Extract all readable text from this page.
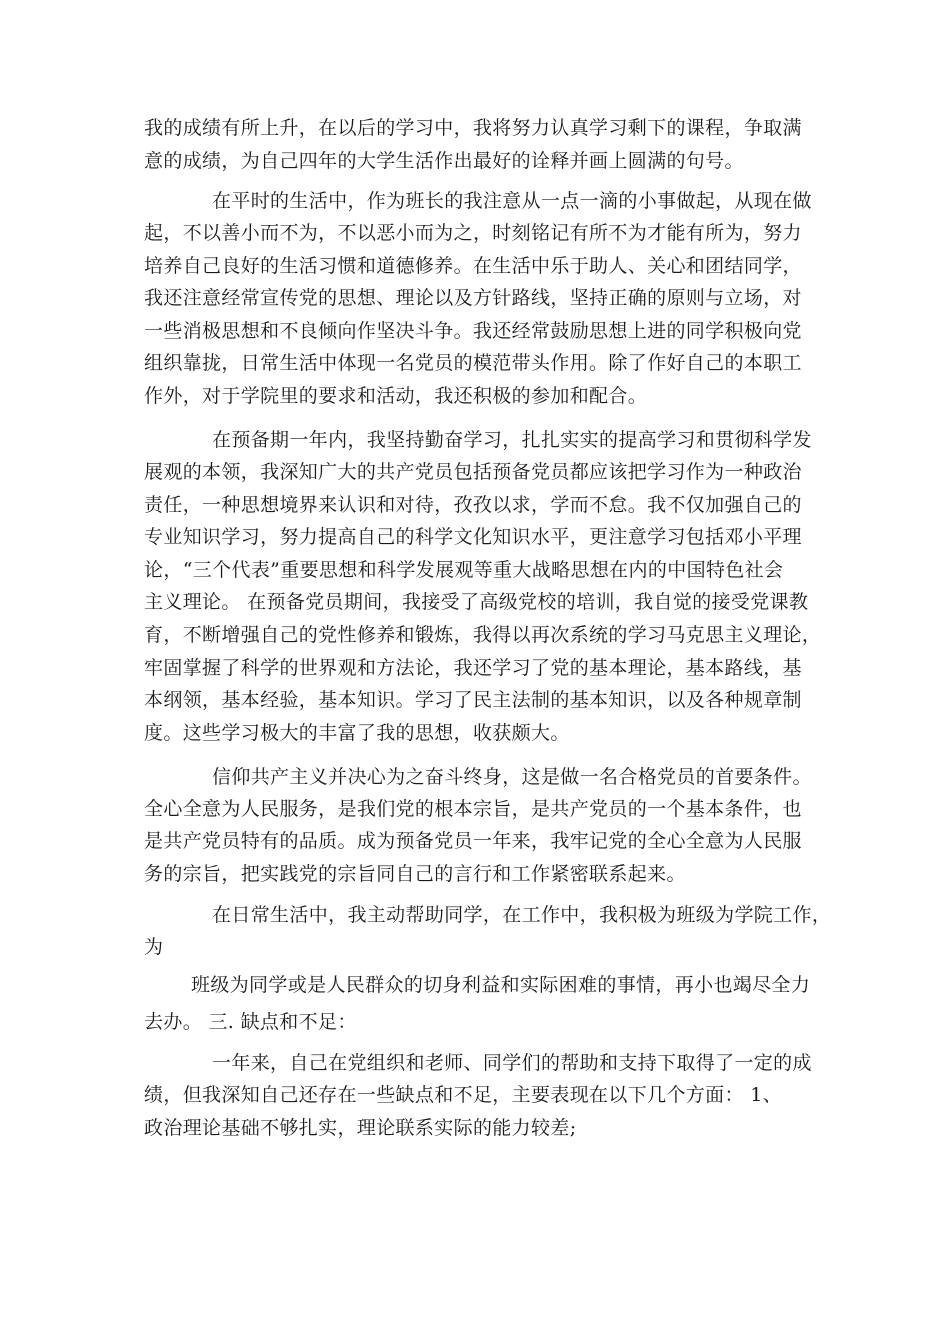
我的成绩有所上升，在以后的学习中，我将努力认真学习剩下的课程，争取满
意的成绩，为自己四年的大学生活作出最好的诠释并画上圆满的句号。
在平时的生活中，作为班长的我注意从一点一滴的小事做起，从现在做
起，不以善小而不为，不以恶小而为之，时刻铭记有所不为才能有所为，努力
培养自己良好的生活习惯和道德修养。在生活中乐于助人、关心和团结同学，
我还注意经常宣传党的思想、理论以及方针路线，坚持正确的原则与立场，对
一些消极思想和不良倾向作坚决斗争。我还经常鼓励思想上进的同学积极向党
组织靠拢，日常生活中体现一名党员的模范带头作用。除了作好自己的本职工
作外，对于学院里的要求和活动，我还积极的参加和配合。
在预备期一年内，我坚持勤奋学习，扎扎实实的提高学习和贯彻科学发
展观的本领，我深知广大的共产党员包括预备党员都应该把学习作为一种政治
责任，一种思想境界来认识和对待，孜孜以求，学而不怠。我不仅加强自己的
专业知识学习，努力提高自己的科学文化知识水平，更注意学习包括邓小平理
论，“三个代表”重要思想和科学发展观等重大战略思想在内的中国特色社会
主义理论。 在预备党员期间，我接受了高级党校的培训，我自觉的接受党课教
育，不断增强自己的党性修养和锻炼，我得以再次系统的学习马克思主义理论，
牢固掌握了科学的世界观和方法论，我还学习了党的基本理论，基本路线，基
本纲领，基本经验，基本知识。学习了民主法制的基本知识，以及各种规章制
度。这些学习极大的丰富了我的思想，收获颇大。
信仰共产主义并决心为之奋斗终身，这是做一名合格党员的首要条件。
全心全意为人民服务，是我们党的根本宗旨，是共产党员的一个基本条件，也
是共产党员特有的品质。成为预备党员一年来，我牢记党的全心全意为人民服
务的宗旨，把实践党的宗旨同自己的言行和工作紧密联系起来。
在日常生活中，我主动帮助同学，在工作中，我积极为班级为学院工作，
为
班级为同学或是人民群众的切身利益和实际困难的事情，再小也竭尽全力
去办。 三. 缺点和不足：
一年来，自己在党组织和老师、同学们的帮助和支持下取得了一定的成
绩，但我深知自己还存在一些缺点和不足，主要表现在以下几个方面： 1、
政治理论基础不够扎实，理论联系实际的能力较差;
